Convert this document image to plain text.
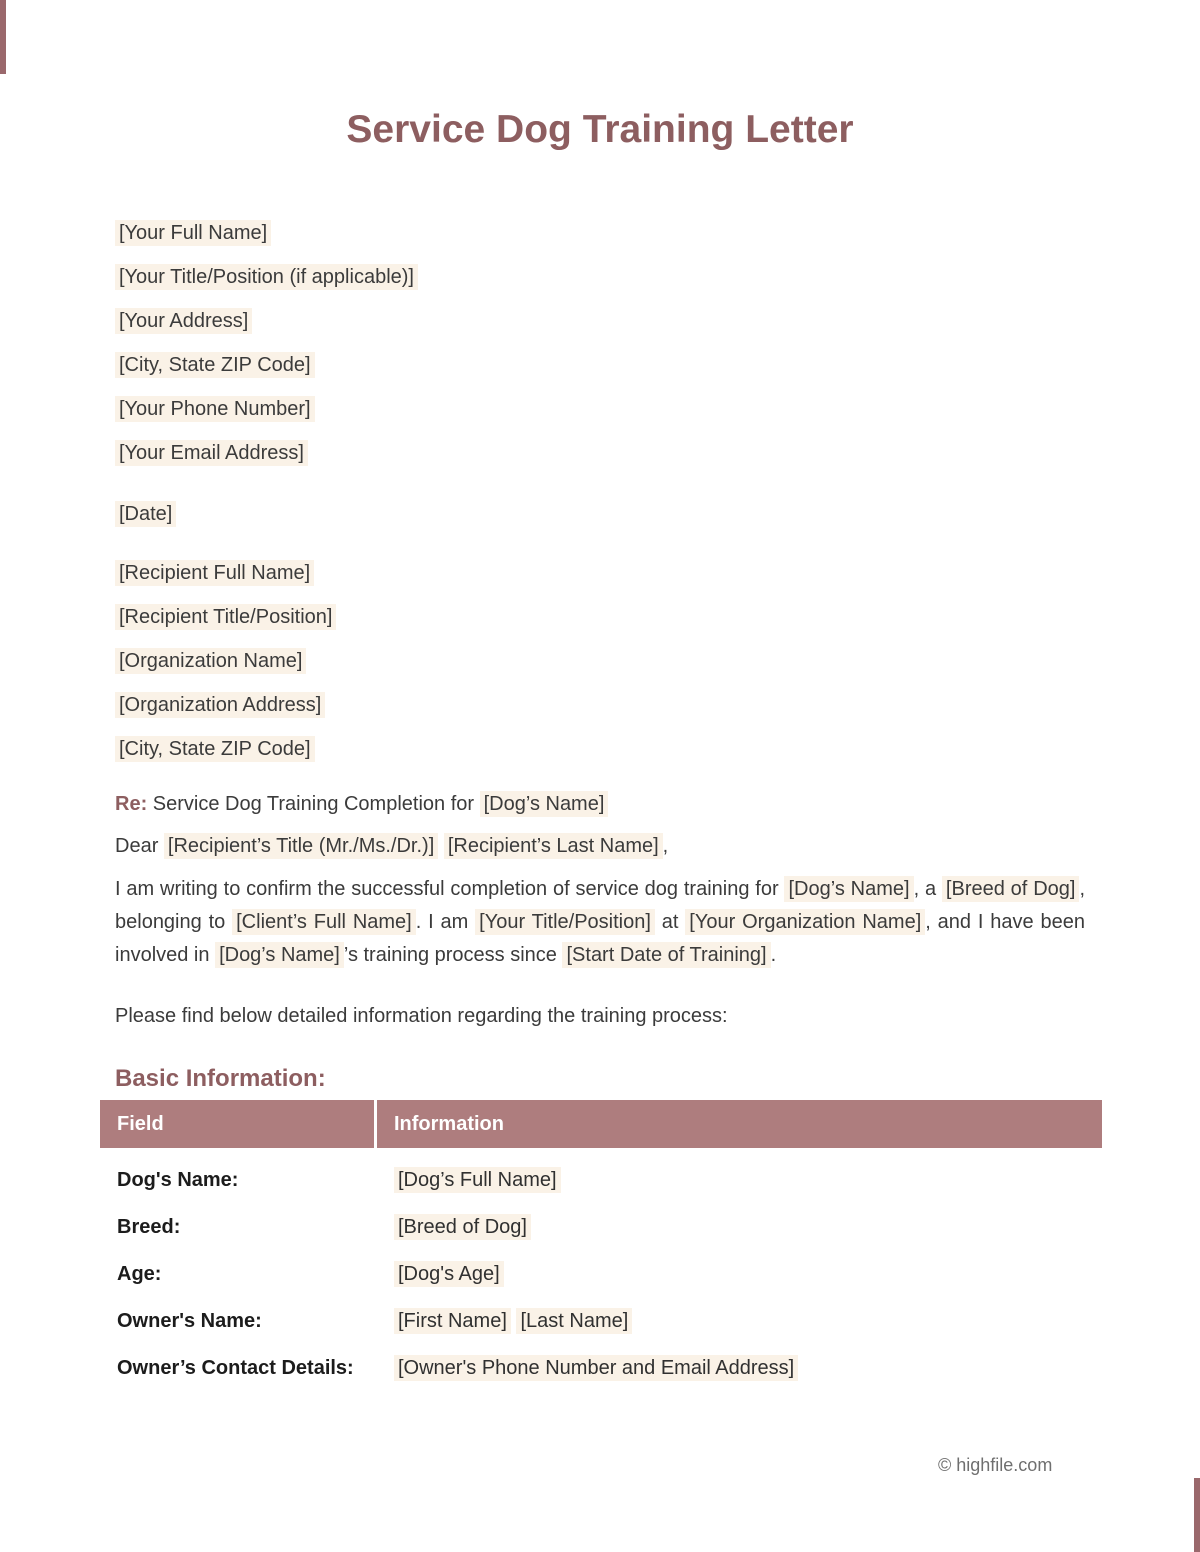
Service Dog Training Letter
[Your Full Name]
[Your Title/Position (if applicable)]
[Your Address]
[City, State ZIP Code]
[Your Phone Number]
[Your Email Address]
[Date]
[Recipient Full Name]
[Recipient Title/Position]
[Organization Name]
[Organization Address]
[City, State ZIP Code]

Re: Service Dog Training Completion for [Dog’s Name]

Dear [Recipient’s Title (Mr./Ms./Dr.)] [Recipient’s Last Name] ,

I am writing to confirm the successful completion of service dog training for [Dog’s Name] , a [Breed of Dog] , belonging to [Client’s Full Name] . I am [Your Title/Position] at [Your Organization Name] , and I have been involved in [Dog’s Name] ’s training process since [Start Date of Training] .

Please find below detailed information regarding the training process:

Basic Information:
Field	Information
Dog's Name:	[Dog’s Full Name]
Breed:	[Breed of Dog]
Age:	[Dog's Age]
Owner's Name:	[First Name] [Last Name]
Owner’s Contact Details:	[Owner's Phone Number and Email Address]
© highfile.com
